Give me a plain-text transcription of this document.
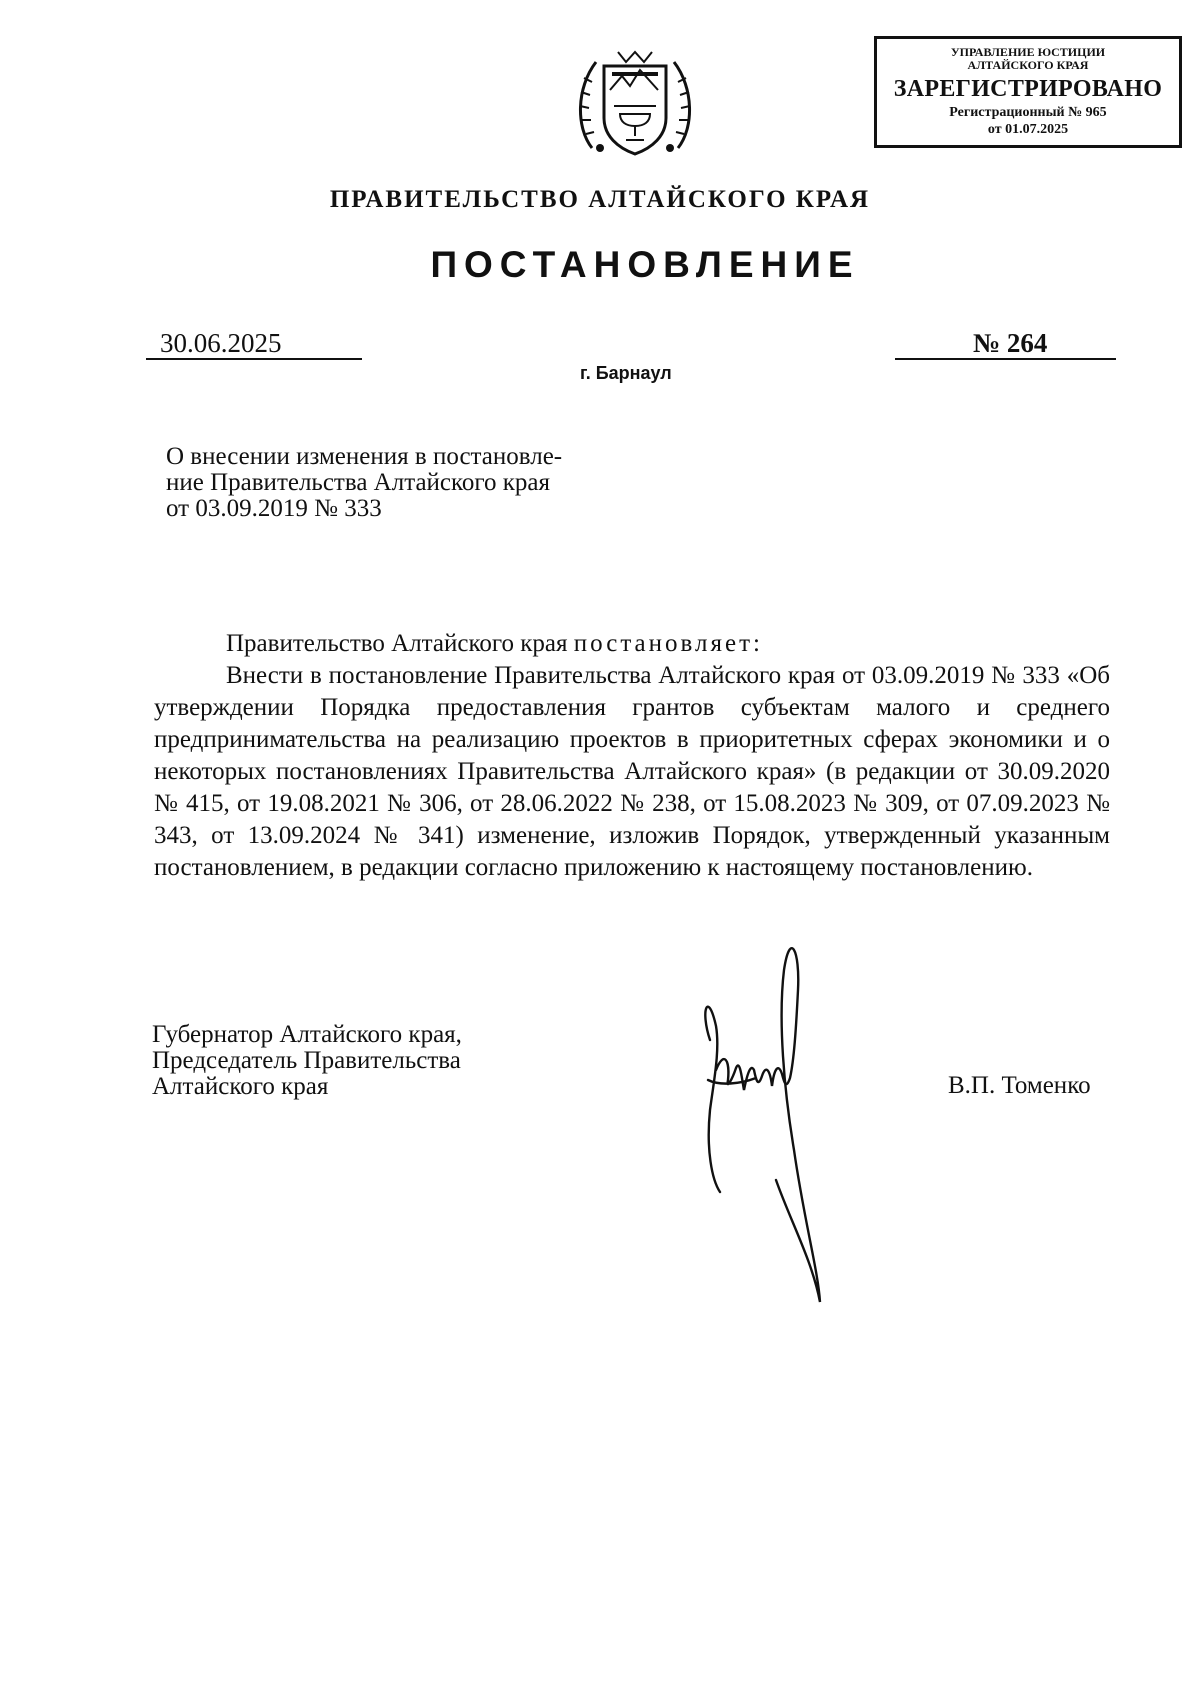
УПРАВЛЕНИЕ ЮСТИЦИИ
АЛТАЙСКОГО КРАЯ
ЗАРЕГИСТРИРОВАНО
Регистрационный № 965
от 01.07.2025
ПРАВИТЕЛЬСТВО АЛТАЙСКОГО КРАЯ
ПОСТАНОВЛЕНИЕ
30.06.2025	№ 264
г. Барнаул
О внесении изменения в постановле-
ние Правительства Алтайского края
от 03.09.2019 № 333

Правительство Алтайского края постановляет:

Внести в постановление Правительства Алтайского края от 03.09.2019 № 333 «Об утверждении Порядка предоставления грантов субъектам малого и среднего предпринимательства на реализацию проектов в приоритетных сферах экономики и о некоторых постановлениях Правительства Алтайского края» (в редакции от 30.09.2020 № 415, от 19.08.2021 № 306, от 28.06.2022 № 238, от 15.08.2023 № 309, от 07.09.2023 № 343, от 13.09.2024 № 341) изменение, изложив Порядок, утвержденный указанным постановлением, в редакции согласно приложению к настоящему постановлению.

Губернатор Алтайского края,
Председатель Правительства
Алтайского края	В.П. Томенко
